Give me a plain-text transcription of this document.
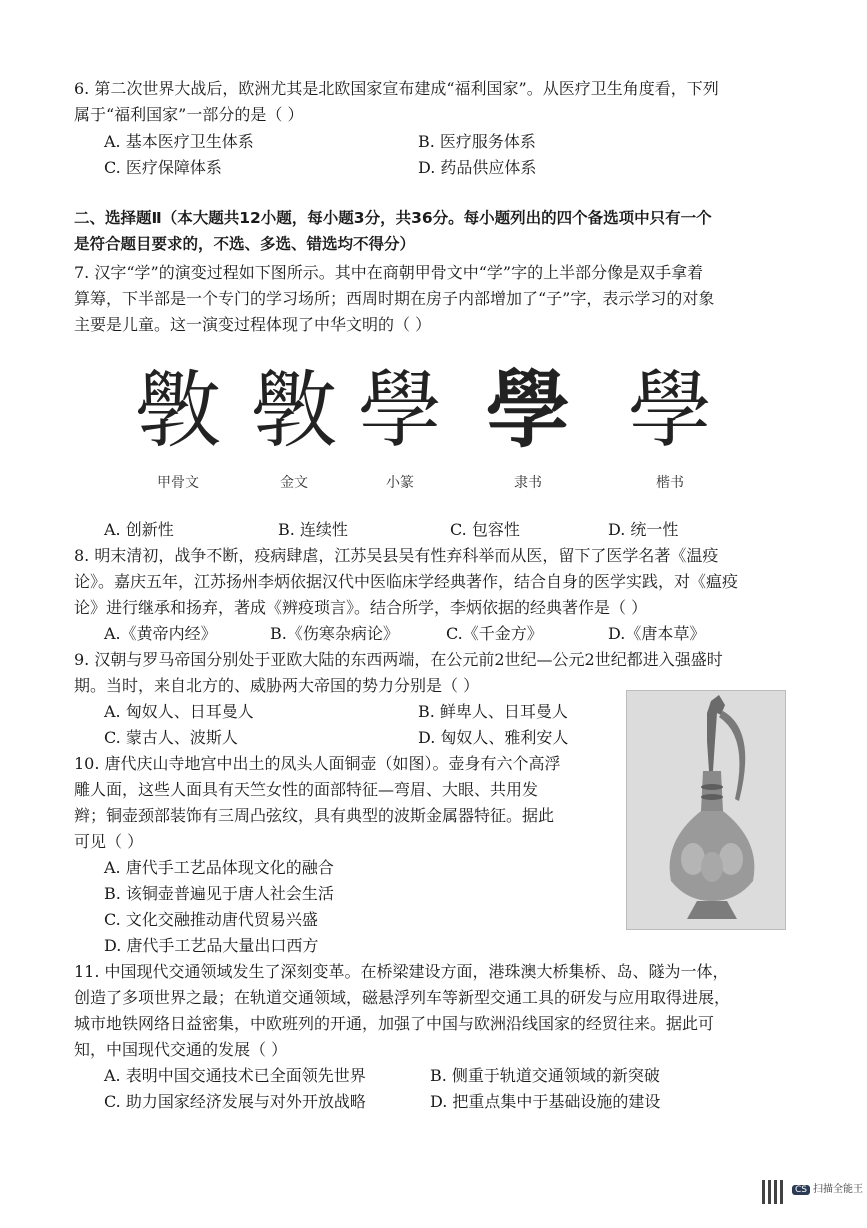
6. 第二次世界大战后，欧洲尤其是北欧国家宣布建成“福利国家”。从医疗卫生角度看，下列
属于“福利国家”一部分的是（ ）
A. 基本医疗卫生体系	B. 医疗服务体系
C. 医疗保障体系	D. 药品供应体系
二、选择题Ⅱ（本大题共12小题，每小题3分，共36分。每小题列出的四个备选项中只有一个
是符合题目要求的，不选、多选、错选均不得分）
7. 汉字“学”的演变过程如下图所示。其中在商朝甲骨文中“学”字的上半部分像是双手拿着
算筹，下半部是一个专门的学习场所；西周时期在房子内部增加了“子”字，表示学习的对象
主要是儿童。这一演变过程体现了中华文明的（ ）
斆 斆 學 學 學
甲骨文	金文	小篆	隶书	楷书
A. 创新性	B. 连续性	C. 包容性	D. 统一性
8. 明末清初，战争不断，疫病肆虐，江苏吴县吴有性弃科举而从医，留下了医学名著《温疫
论》。嘉庆五年，江苏扬州李炳依据汉代中医临床学经典著作，结合自身的医学实践，对《瘟疫
论》进行继承和扬弃，著成《辨疫琐言》。结合所学，李炳依据的经典著作是（ ）
A.《黄帝内经》	B.《伤寒杂病论》	C.《千金方》	D.《唐本草》
9. 汉朝与罗马帝国分别处于亚欧大陆的东西两端，在公元前2世纪—公元2世纪都进入强盛时
期。当时，来自北方的、威胁两大帝国的势力分别是（ ）
A. 匈奴人、日耳曼人	B. 鲜卑人、日耳曼人
C. 蒙古人、波斯人	D. 匈奴人、雅利安人
10. 唐代庆山寺地宫中出土的凤头人面铜壶（如图）。壶身有六个高浮
雕人面，这些人面具有天竺女性的面部特征—弯眉、大眼、共用发
辫；铜壶颈部装饰有三周凸弦纹，具有典型的波斯金属器特征。据此
可见（ ）
A. 唐代手工艺品体现文化的融合
B. 该铜壶普遍见于唐人社会生活
C. 文化交融推动唐代贸易兴盛
D. 唐代手工艺品大量出口西方
11. 中国现代交通领域发生了深刻变革。在桥梁建设方面，港珠澳大桥集桥、岛、隧为一体，
创造了多项世界之最；在轨道交通领域，磁悬浮列车等新型交通工具的研发与应用取得进展，
城市地铁网络日益密集，中欧班列的开通，加强了中国与欧洲沿线国家的经贸往来。据此可
知，中国现代交通的发展（ ）
A. 表明中国交通技术已全面领先世界	B. 侧重于轨道交通领域的新突破
C. 助力国家经济发展与对外开放战略	D. 把重点集中于基础设施的建设
CS 扫描全能王
